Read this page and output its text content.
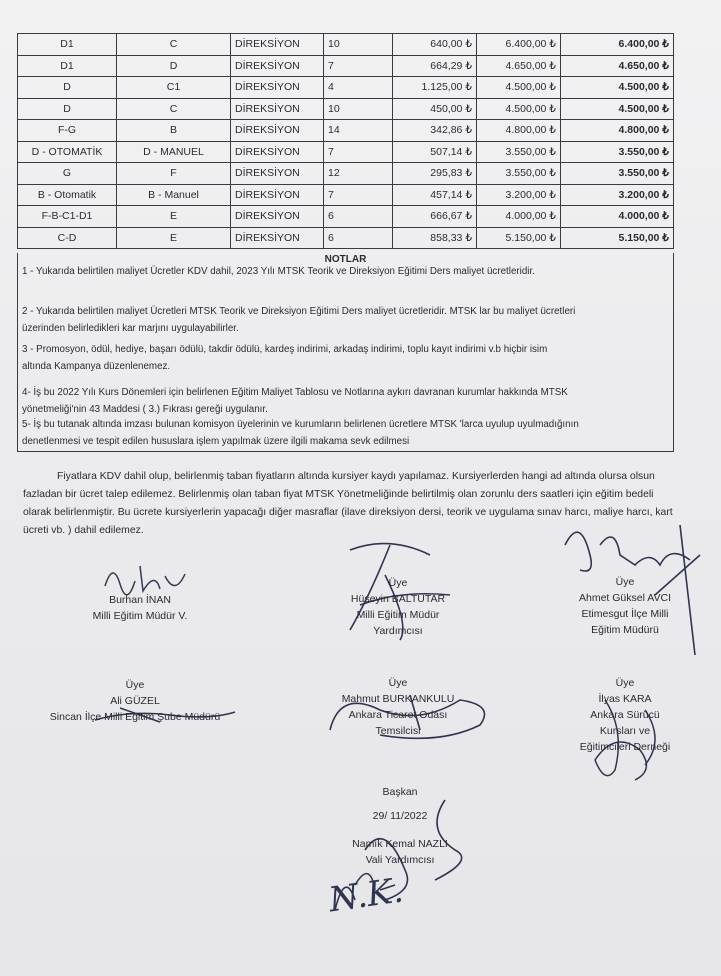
D1	C	DİREKSİYON	10	640,00 ₺	6.400,00 ₺	6.400,00 ₺
D1	D	DİREKSİYON	7	664,29 ₺	4.650,00 ₺	4.650,00 ₺
D	C1	DİREKSİYON	4	1.125,00 ₺	4.500,00 ₺	4.500,00 ₺
D	C	DİREKSİYON	10	450,00 ₺	4.500,00 ₺	4.500,00 ₺
F-G	B	DİREKSİYON	14	342,86 ₺	4.800,00 ₺	4.800,00 ₺
D - OTOMATİK	D - MANUEL	DİREKSİYON	7	507,14 ₺	3.550,00 ₺	3.550,00 ₺
G	F	DİREKSİYON	12	295,83 ₺	3.550,00 ₺	3.550,00 ₺
B - Otomatik	B - Manuel	DİREKSİYON	7	457,14 ₺	3.200,00 ₺	3.200,00 ₺
F-B-C1-D1	E	DİREKSİYON	6	666,67 ₺	4.000,00 ₺	4.000,00 ₺
C-D	E	DİREKSİYON	6	858,33 ₺	5.150,00 ₺	5.150,00 ₺
NOTLAR
1 - Yukarıda belirtilen maliyet Ücretler KDV dahil, 2023 Yılı MTSK Teorik ve Direksiyon Eğitimi Ders maliyet ücretleridir.
2 - Yukarıda belirtilen maliyet Ücretleri MTSK Teorik ve Direksiyon Eğitimi Ders maliyet ücretleridir. MTSK lar bu maliyet ücretleri
üzerinden belirledikleri kar marjını uygulayabilirler.
3 - Promosyon, ödül, hediye, başarı ödülü, takdir ödülü, kardeş indirimi, arkadaş indirimi, toplu kayıt indirimi v.b hiçbir isim
altında Kampanya düzenlenemez.
4- İş bu 2022 Yılı Kurs Dönemleri için belirlenen Eğitim Maliyet Tablosu ve Notlarına aykırı davranan kurumlar hakkında MTSK
yönetmeliği'nin 43 Maddesi ( 3.) Fıkrası gereği uygulanır.
5- İş bu tutanak altında imzası bulunan komisyon üyelerinin ve kurumların belirlenen ücretlere MTSK 'larca uyulup uyulmadığının
denetlenmesi ve tespit edilen hususlara işlem yapılmak üzere ilgili makama sevk edilmesi
Fiyatlara KDV dahil olup, belirlenmiş taban fiyatların altında kursiyer kaydı yapılamaz. Kursiyerlerden hangi ad altında olursa olsun fazladan bir ücret talep edilemez. Belirlenmiş olan taban fiyat MTSK Yönetmeliğinde belirtilmiş olan zorunlu ders saatleri için eğitim bedeli olarak belirlenmiştir. Bu ücrete kursiyerlerin yapacağı diğer masraflar (ilave direksiyon dersi, teorik ve uygulama sınav harcı, maliye harcı, kart ücreti vb. ) dahil edilemez.
Burhan İNAN
Milli Eğitim Müdür V.
Üye
Hüseyin BALTUTAR
Milli Eğitim Müdür
Yardımcısı
Üye
Ahmet Güksel AVCI
Etimesgut İlçe Milli
Eğitim Müdürü
Üye
Ali GÜZEL
Sincan İlçe Milli Eğitim Şube Müdürü
Üye
Mahmut BURKANKULU
Ankara Ticaret Odası
Temsilcisi
Üye
İlyas KARA
Ankara Sürücü
Kursları ve
Eğitimcileri Derneği
Başkan
29/ 11/2022
Namık Kemal NAZLI
Vali Yardımcısı
N.K.
